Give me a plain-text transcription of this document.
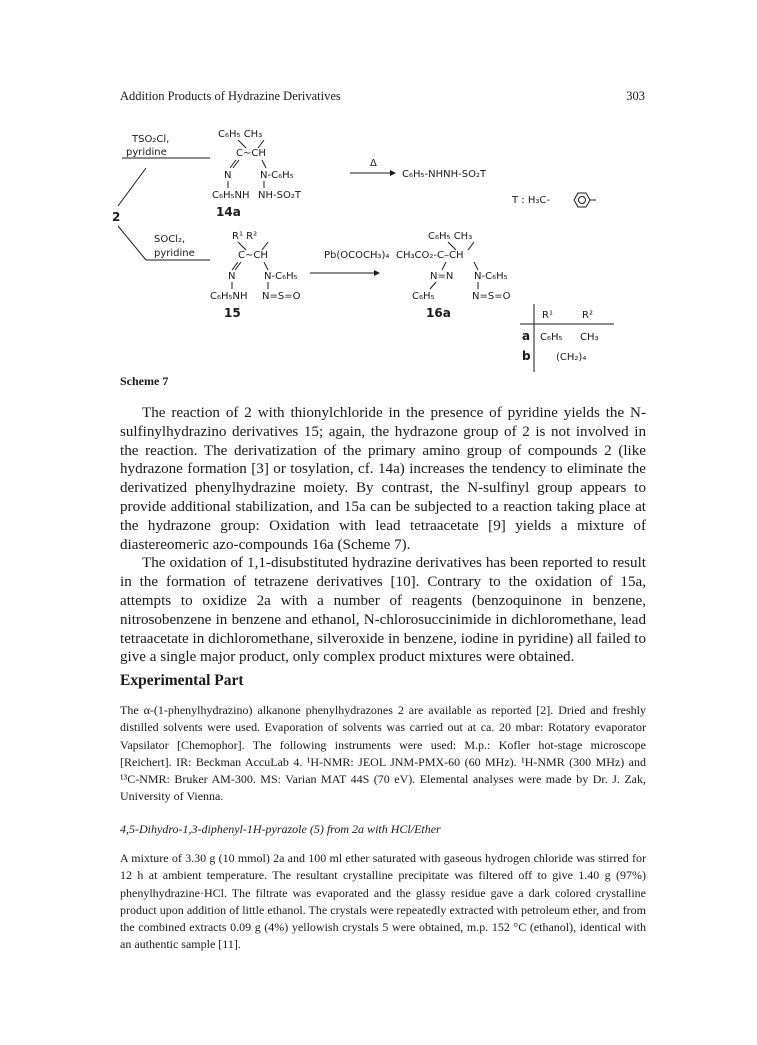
Addition Products of Hydrazine Derivatives	303
2
TSO₂Cl,
pyridine
C₆H₅ CH₃
C∼CH
N	N-C₆H₅
C₆H₅NH NH-SO₂T
14a
Δ
C₆H₅-NHNH-SO₂T
T : H₃C-
SOCl₂,
pyridine
R¹ R²
C∼CH
N	N-C₆H₅
C₆H₅NH N=S=O
15
Pb(OCOCH₃)₄
C₆H₅ CH₃
CH₃CO₂-C–CH
N=N N-C₆H₅
C₆H₅	N=S=O
16a	R¹	R²
a C₆H₅ CH₃
b	(CH₂)₄
Scheme 7

The reaction of 2 with thionylchloride in the presence of pyridine yields the N-sulfinylhydrazino derivatives 15; again, the hydrazone group of 2 is not involved in the reaction. The derivatization of the primary amino group of compounds 2 (like hydrazone formation [3] or tosylation, cf. 14a) increases the tendency to eliminate the derivatized phenylhydrazine moiety. By contrast, the N-sulfinyl group appears to provide additional stabilization, and 15a can be subjected to a reaction taking place at the hydrazone group: Oxidation with lead tetraacetate [9] yields a mixture of diastereomeric azo-compounds 16a (Scheme 7).

The oxidation of 1,1-disubstituted hydrazine derivatives has been reported to result in the formation of tetrazene derivatives [10]. Contrary to the oxidation of 15a, attempts to oxidize 2a with a number of reagents (benzoquinone in benzene, nitrosobenzene in benzene and ethanol, N-chlorosuccinimide in dichloromethane, lead tetraacetate in dichloromethane, silveroxide in benzene, iodine in pyridine) all failed to give a single major product, only complex product mixtures were obtained.

Experimental Part

The α-(1-phenylhydrazino) alkanone phenylhydrazones 2 are available as reported [2]. Dried and freshly distilled solvents were used. Evaporation of solvents was carried out at ca. 20 mbar: Rotatory evaporator Vapsilator [Chemophor]. The following instruments were used: M.p.: Kofler hot-stage microscope [Reichert]. IR: Beckman AccuLab 4. ¹H-NMR: JEOL JNM-PMX-60 (60 MHz). ¹H-NMR (300 MHz) and ¹³C-NMR: Bruker AM-300. MS: Varian MAT 44S (70 eV). Elemental analyses were made by Dr. J. Zak, University of Vienna.

4,5-Dihydro-1,3-diphenyl-1H-pyrazole (5) from 2a with HCl/Ether

A mixture of 3.30 g (10 mmol) 2a and 100 ml ether saturated with gaseous hydrogen chloride was stirred for 12 h at ambient temperature. The resultant crystalline precipitate was filtered off to give 1.40 g (97%) phenylhydrazine·HCl. The filtrate was evaporated and the glassy residue gave a dark colored crystalline product upon addition of little ethanol. The crystals were repeatedly extracted with petroleum ether, and from the combined extracts 0.09 g (4%) yellowish crystals 5 were obtained, m.p. 152 °C (ethanol), identical with an authentic sample [11].
